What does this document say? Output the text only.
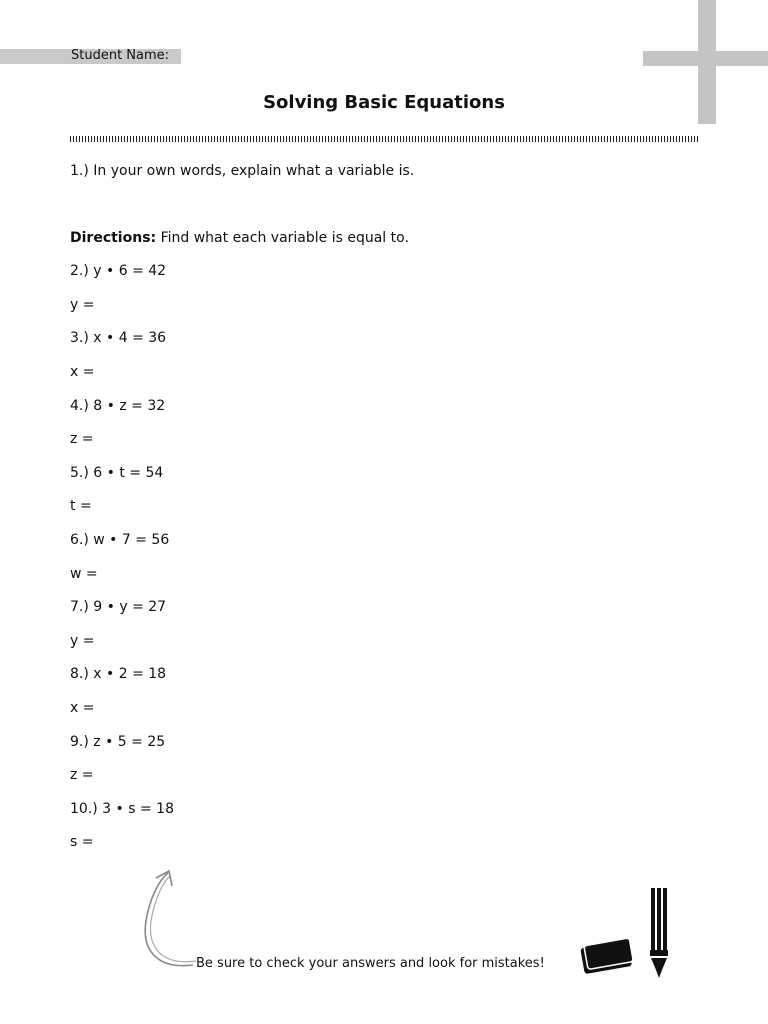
Student Name:
Solving Basic Equations
1.) In your own words, explain what a variable is.
Directions: Find what each variable is equal to.
2.) y • 6 = 42
y =
3.) x • 4 = 36
x =
4.) 8 • z = 32
z =
5.) 6 • t = 54
t =
6.) w • 7 = 56
w =
7.) 9 • y = 27
y =
8.) x • 2 = 18
x =
9.) z • 5 = 25
z =
10.) 3 • s = 18
s =
Be sure to check your answers and look for mistakes!
